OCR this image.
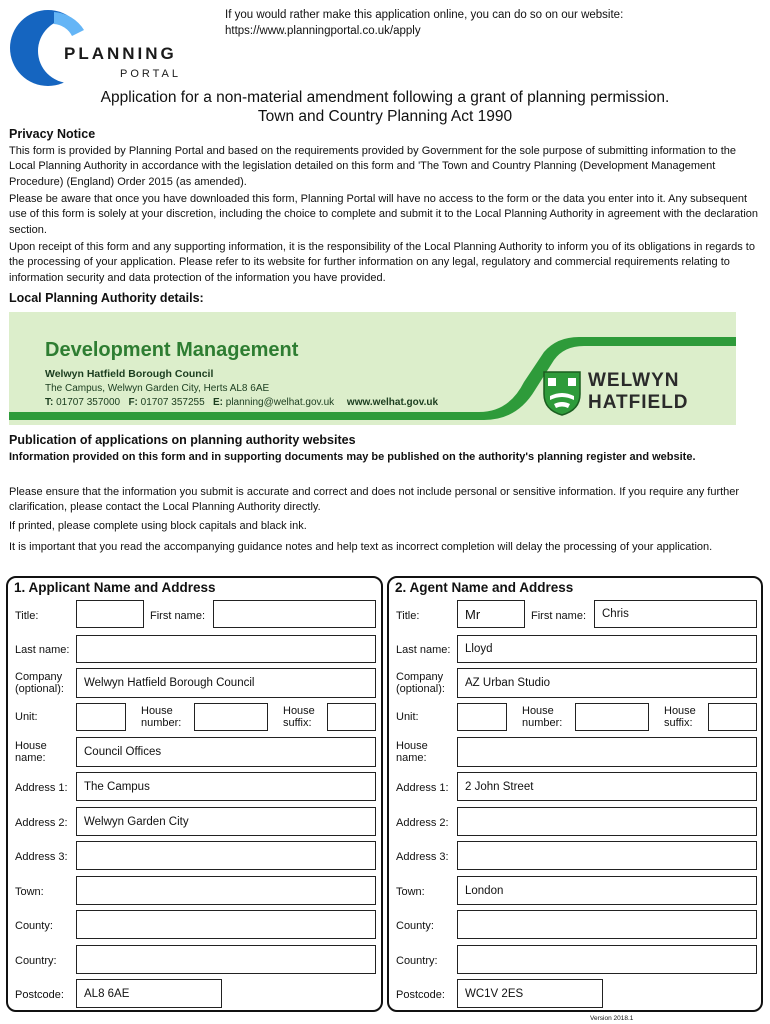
PLANNING
PORTAL
If you would rather make this application online, you can do so on our website:
https://www.planningportal.co.uk/apply
Application for a non-material amendment following a grant of planning permission.
Town and Country Planning Act 1990
Privacy Notice
This form is provided by Planning Portal and based on the requirements provided by Government for the sole purpose of submitting information to the Local Planning Authority in accordance with the legislation detailed on this form and 'The Town and Country Planning (Development Management Procedure) (England) Order 2015 (as amended).
Please be aware that once you have downloaded this form, Planning Portal will have no access to the form or the data you enter into it. Any subsequent use of this form is solely at your discretion, including the choice to complete and submit it to the Local Planning Authority in agreement with the declaration section.
Upon receipt of this form and any supporting information, it is the responsibility of the Local Planning Authority to inform you of its obligations in regards to the processing of your application. Please refer to its website for further information on any legal, regulatory and commercial requirements relating to information security and data protection of the information you have provided.
Local Planning Authority details:
Development Management
Welwyn Hatfield Borough Council
The Campus, Welwyn Garden City, Herts AL8 6AE
T: 01707 357000 F: 01707 357255 E: planning@welhat.gov.uk www.welhat.gov.uk
WELWYN
HATFIELD
Publication of applications on planning authority websites
Information provided on this form and in supporting documents may be published on the authority's planning register and website.
Please ensure that the information you submit is accurate and correct and does not include personal or sensitive information. If you require any further clarification, please contact the Local Planning Authority directly.
If printed, please complete using block capitals and black ink.
It is important that you read the accompanying guidance notes and help text as incorrect completion will delay the processing of your application.
1. Applicant Name and Address
Title:	First name:
Last name:
Company
(optional):	Welwyn Hatfield Borough Council
Unit:	House
number:
House
suffix:
House
name:	Council Offices
Address 1:	The Campus
Address 2:	Welwyn Garden City
Address 3:
Town:
County:
Country:
Postcode:	AL8 6AE
2. Agent Name and Address
Title:	Mr	First name:	Chris
Last name:	Lloyd
Company
(optional):	AZ Urban Studio
Unit:	House
number:
House
suffix:
House
name:
Address 1:	2 John Street
Address 2:
Address 3:
Town:	London
County:
Country:
Postcode:	WC1V 2ES
Version 2018.1
